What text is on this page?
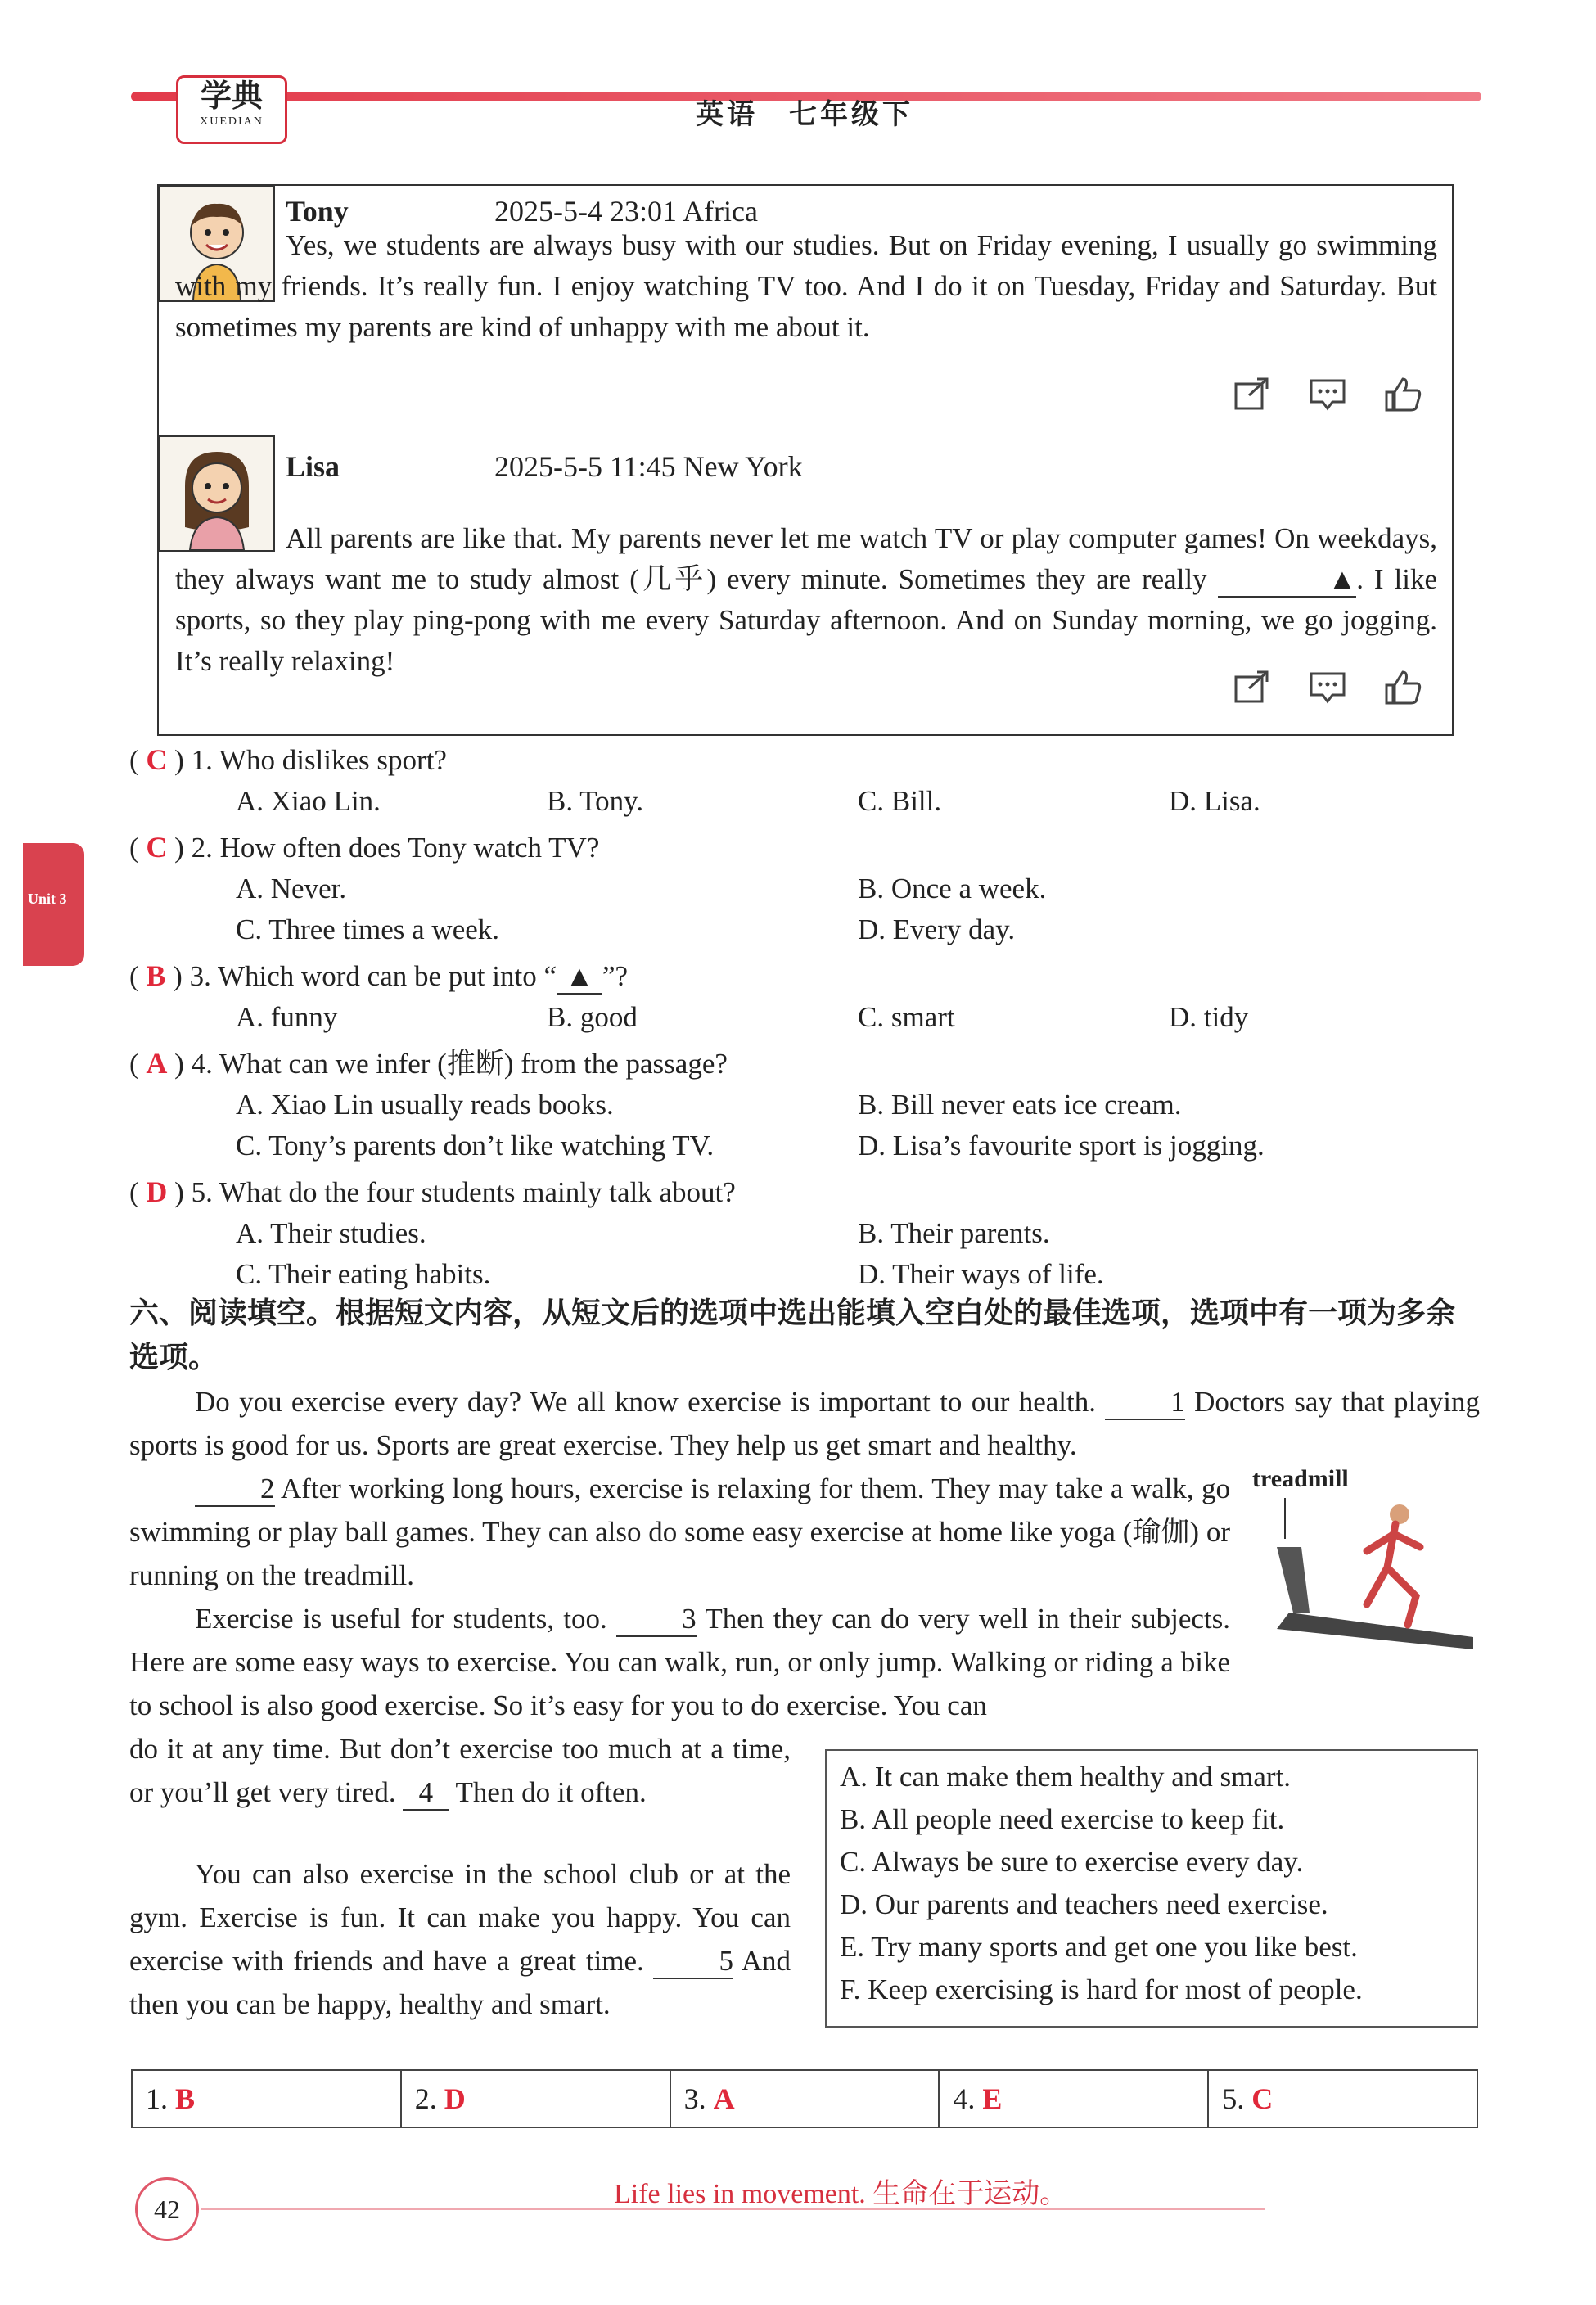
学典
XUEDIAN	英语　七年级下
Unit 3
Tony	2025-5-4 23:01 Africa
Yes, we students are always busy with our studies. But on Friday evening, I usually go swimming with my friends. It’s really fun. I enjoy watching TV too. And I do it on Tuesday, Friday and Saturday. But sometimes my parents are kind of unhappy with me about it.
Lisa	2025-5-5 11:45 New York
All parents are like that. My parents never let me watch TV or play computer games! On weekdays, they always want me to study almost (几乎) every minute. Sometimes they are really	▲. I like sports, so they play ping-pong with me every Saturday afternoon. And on Sunday morning, we go jogging. It’s really relaxing!
( C ) 1. Who dislikes sport?
A. Xiao Lin.	B. Tony.	C. Bill.	D. Lisa.
( C ) 2. How often does Tony watch TV?
A. Never.	B. Once a week.
C. Three times a week.	D. Every day.
( B ) 3. Which word can be put into “ ▲ ”?
A. funny	B. good	C. smart	D. tidy
( A ) 4. What can we infer (推断) from the passage?
A. Xiao Lin usually reads books.	B. Bill never eats ice cream.
C. Tony’s parents don’t like watching TV.	D. Lisa’s favourite sport is jogging.
( D ) 5. What do the four students mainly talk about?
A. Their studies.	B. Their parents.
C. Their eating habits.	D. Their ways of life.
六、阅读填空。根据短文内容，从短文后的选项中选出能填入空白处的最佳选项，选项中有一项为多余选项。
Do you exercise every day? We all know exercise is important to our health.	1 Doctors say that playing sports is good for us. Sports are great exercise. They help us get smart and healthy.
2 After working long hours, exercise is relaxing for them. They may take a walk, go swimming or play ball games. They can also do some easy exercise at home like yoga (瑜伽) or running on the treadmill.
Exercise is useful for students, too.	3 Then they can do very well in their subjects. Here are some easy ways to exercise. You can walk, run, or only jump. Walking or riding a bike to school is also good exercise. So it’s easy for you to do exercise. You can
do it at any time. But don’t exercise too much at a time, or you’ll get very tired. 4 Then do it often.
You can also exercise in the school club or at the gym. Exercise is fun. It can make you happy. You can exercise with friends and have a great time.	5 And then you can be happy, healthy and smart.
treadmill
A. It can make them healthy and smart.
B. All people need exercise to keep fit.
C. Always be sure to exercise every day.
D. Our parents and teachers need exercise.
E. Try many sports and get one you like best.
F. Keep exercising is hard for most of people.
1. B	2. D	3. A	4. E	5. C
42	Life lies in movement. 生命在于运动。
